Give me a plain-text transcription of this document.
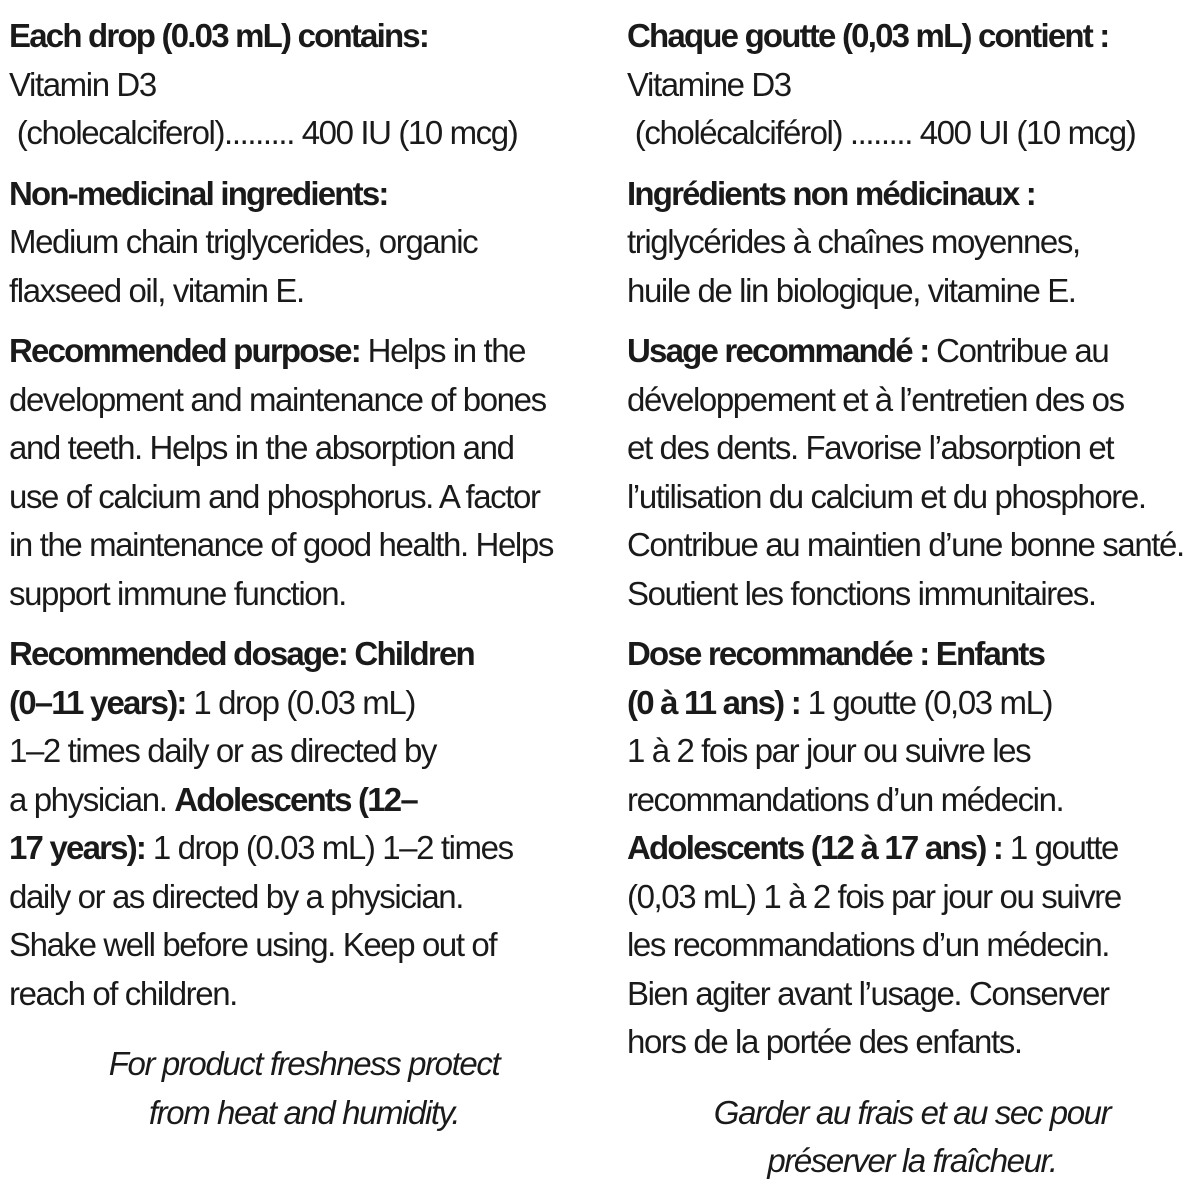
Each drop (0.03 mL) contains:
Vitamin D3
(cholecalciferol)......... 400 IU (10 mcg)
Non-medicinal ingredients:
Medium chain triglycerides, organic
flaxseed oil, vitamin E.
Recommended purpose: Helps in the
development and maintenance of bones
and teeth. Helps in the absorption and
use of calcium and phosphorus. A factor
in the maintenance of good health. Helps
support immune function.
Recommended dosage: Children
(0–11 years): 1 drop (0.03 mL)
1–2 times daily or as directed by
a physician. Adolescents (12–
17 years): 1 drop (0.03 mL) 1–2 times
daily or as directed by a physician.
Shake well before using. Keep out of
reach of children.
For product freshness protect
from heat and humidity.
Chaque goutte (0,03 mL) contient :
Vitamine D3
(cholécalciférol) ........ 400 UI (10 mcg)
Ingrédients non médicinaux :
triglycérides à chaînes moyennes,
huile de lin biologique, vitamine E.
Usage recommandé : Contribue au
développement et à l’entretien des os
et des dents. Favorise l’absorption et
l’utilisation du calcium et du phosphore.
Contribue au maintien d’une bonne santé.
Soutient les fonctions immunitaires.
Dose recommandée : Enfants
(0 à 11 ans) : 1 goutte (0,03 mL)
1 à 2 fois par jour ou suivre les
recommandations d’un médecin.
Adolescents (12 à 17 ans) : 1 goutte
(0,03 mL) 1 à 2 fois par jour ou suivre
les recommandations d’un médecin.
Bien agiter avant l’usage. Conserver
hors de la portée des enfants.
Garder au frais et au sec pour
préserver la fraîcheur.
